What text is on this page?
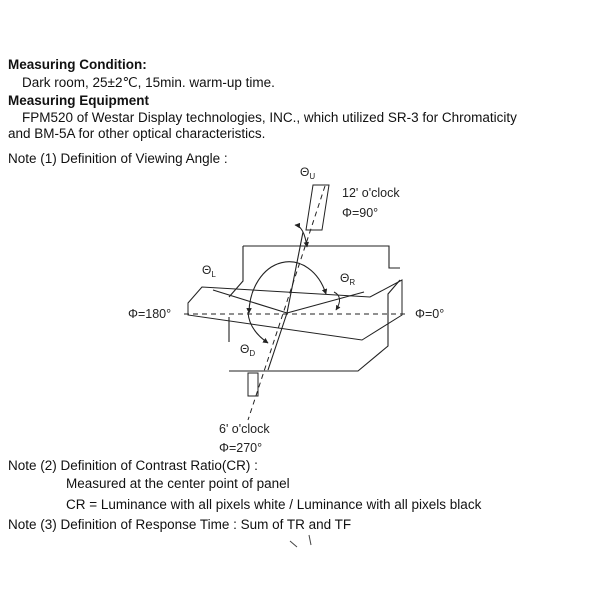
Measuring Condition:
Dark room, 25±2℃, 15min. warm-up time.
Measuring Equipment
FPM520 of Westar Display technologies, INC., which utilized SR-3 for Chromaticity
and BM-5A for other optical characteristics.
Note (1) Definition of Viewing Angle :
$\Theta_U$
$\Theta_L$	$\Theta_R$
$\Theta_D$
12' o'clock
Φ=90°
Φ=180°	Φ=0°
6' o'clock
Φ=270°
Note (2) Definition of Contrast Ratio(CR) :
Measured at the center point of panel
CR = Luminance with all pixels white / Luminance with all pixels black
Note (3) Definition of Response Time : Sum of TR and TF
